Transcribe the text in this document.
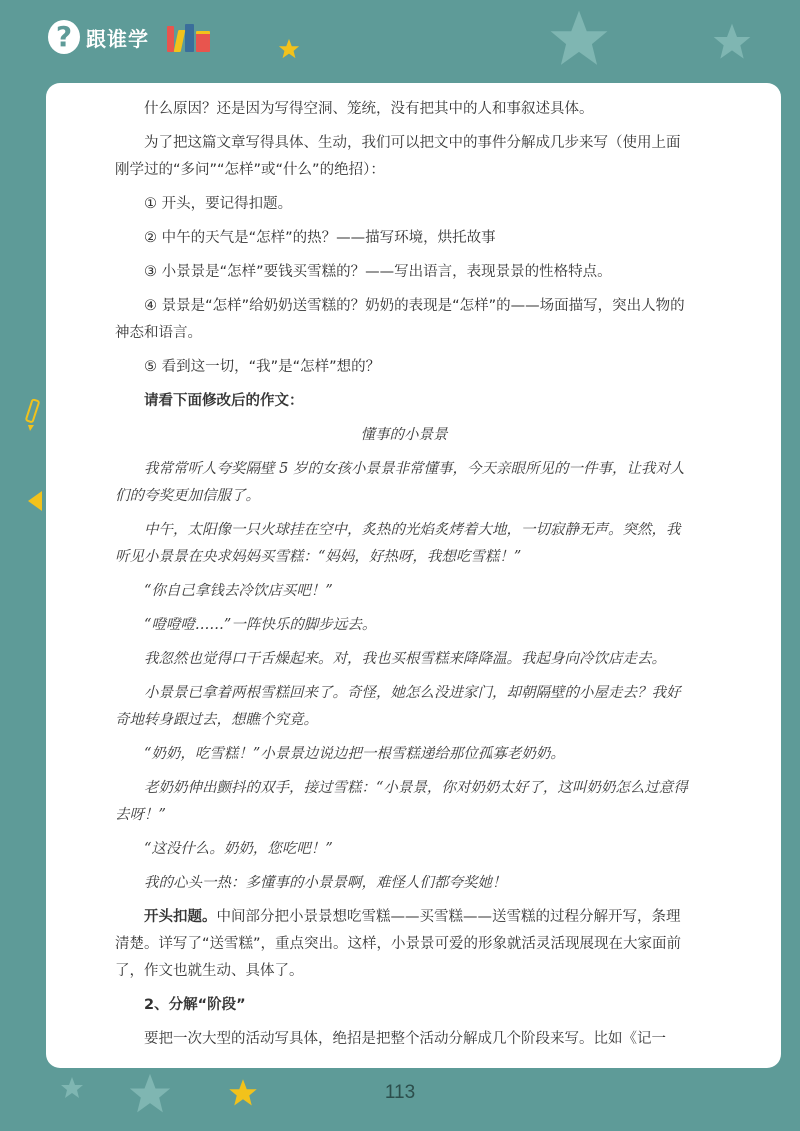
? 跟谁学

什么原因？还是因为写得空洞、笼统，没有把其中的人和事叙述具体。

为了把这篇文章写得具体、生动，我们可以把文中的事件分解成几步来写（使用上面刚学过的“多问”“怎样”或“什么”的绝招）：

① 开头，要记得扣题。

② 中午的天气是“怎样”的热？——描写环境，烘托故事

③ 小景景是“怎样”要钱买雪糕的？——写出语言，表现景景的性格特点。

④ 景景是“怎样”给奶奶送雪糕的？奶奶的表现是“怎样”的——场面描写，突出人物的神态和语言。

⑤ 看到这一切，“我”是“怎样”想的？

请看下面修改后的作文：

懂事的小景景

我常常听人夸奖隔壁 5 岁的女孩小景景非常懂事，今天亲眼所见的一件事，让我对人们的夸奖更加信服了。

中午，太阳像一只火球挂在空中，炙热的光焰炙烤着大地，一切寂静无声。突然，我听见小景景在央求妈妈买雪糕：“妈妈，好热呀，我想吃雪糕！”

“你自己拿钱去冷饮店买吧！”

“噔噔噔……”一阵快乐的脚步远去。

我忽然也觉得口干舌燥起来。对，我也买根雪糕来降降温。我起身向冷饮店走去。

小景景已拿着两根雪糕回来了。奇怪，她怎么没进家门，却朝隔壁的小屋走去？我好奇地转身跟过去，想瞧个究竟。

“奶奶，吃雪糕！”小景景边说边把一根雪糕递给那位孤寡老奶奶。

老奶奶伸出颤抖的双手，接过雪糕：“小景景，你对奶奶太好了，这叫奶奶怎么过意得去呀！”

“这没什么。奶奶，您吃吧！”

我的心头一热：多懂事的小景景啊，难怪人们都夸奖她！

开头扣题。中间部分把小景景想吃雪糕——买雪糕——送雪糕的过程分解开写，条理清楚。详写了“送雪糕”，重点突出。这样，小景景可爱的形象就活灵活现展现在大家面前了，作文也就生动、具体了。

2、分解“阶段”

要把一次大型的活动写具体，绝招是把整个活动分解成几个阶段来写。比如《记一

113
